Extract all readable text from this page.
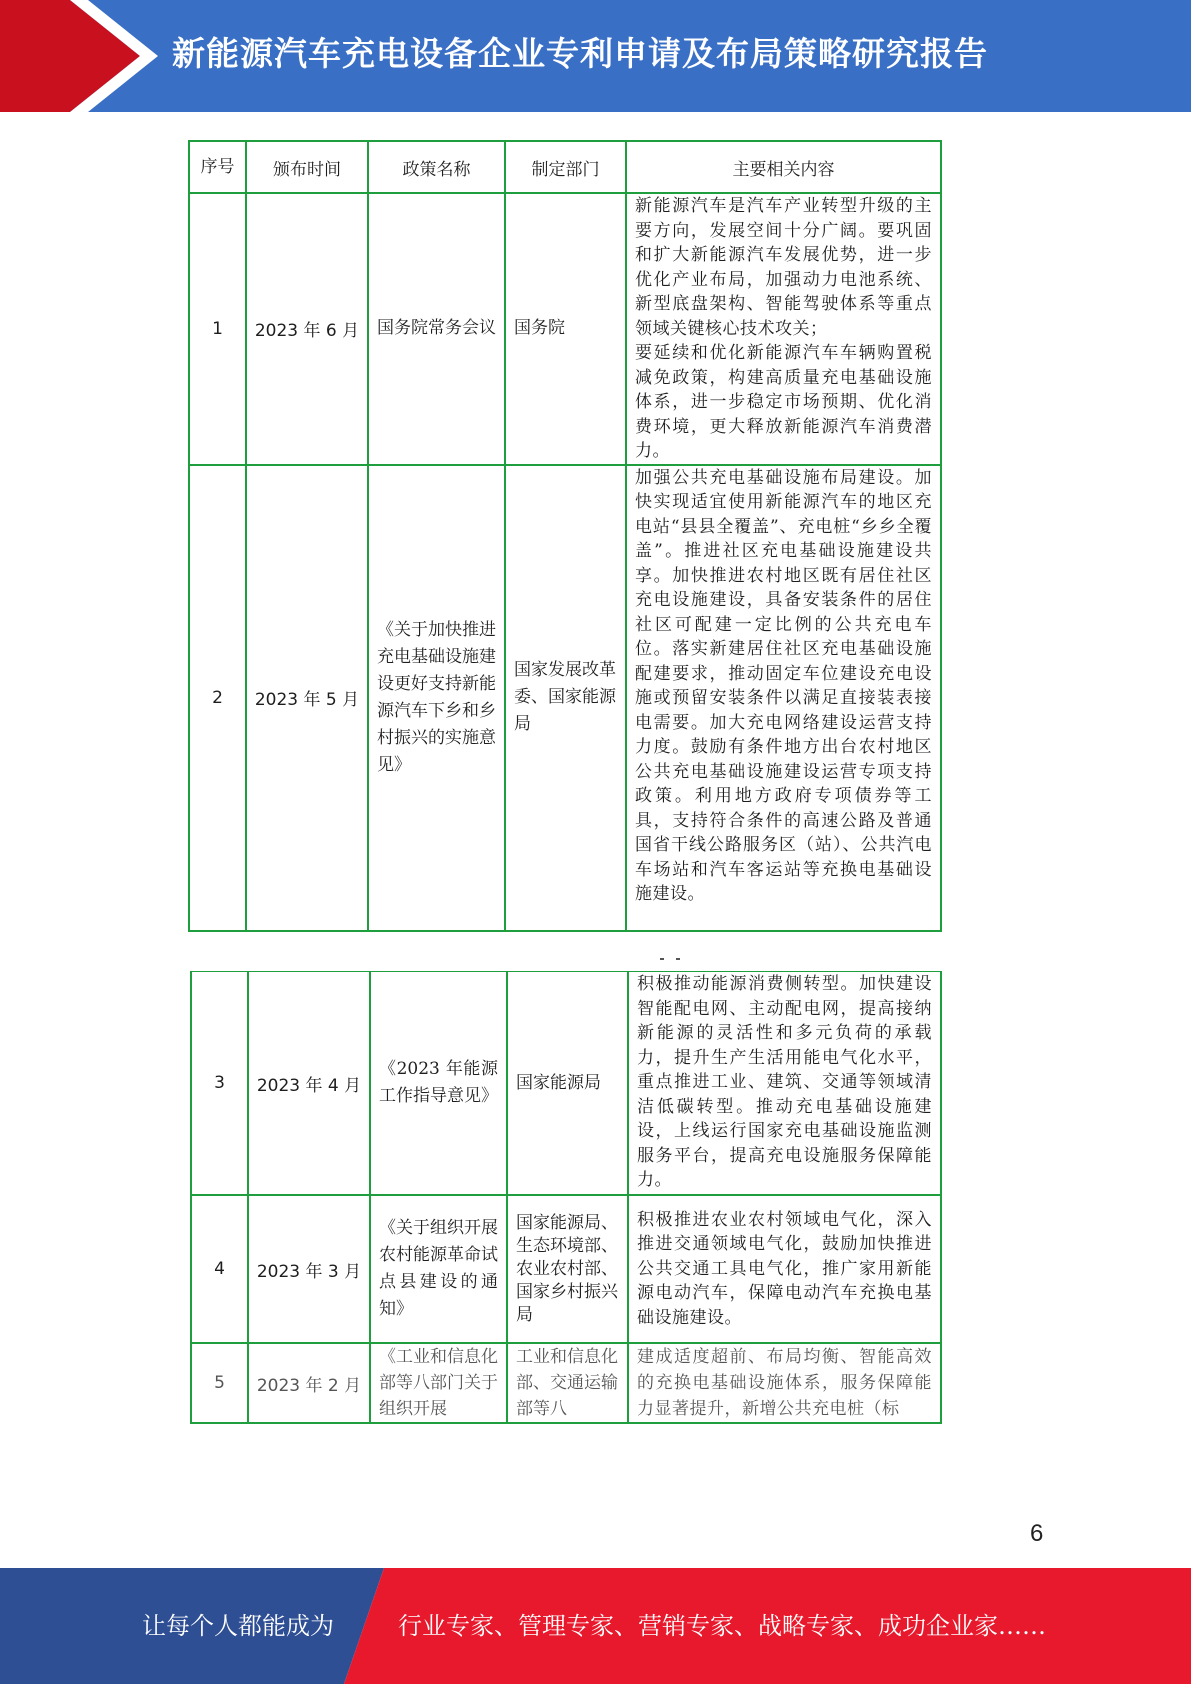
新能源汽车充电设备企业专利申请及布局策略研究报告
序号	颁布时间	政策名称	制定部门	主要相关内容
1	2023 年 6 月	国务院常务会议	国务院	新能源汽车是汽车产业转型升级的主要方向，发展空间十分广阔。要巩固和扩大新能源汽车发展优势，进一步优化产业布局，加强动力电池系统、新型底盘架构、智能驾驶体系等重点领域关键核心技术攻关；

要延续和优化新能源汽车车辆购置税减免政策，构建高质量充电基础设施体系，进一步稳定市场预期、优化消费环境，更大释放新能源汽车消费潜力。

2	2023 年 5 月	《关于加快推进充电基础设施建设更好支持新能源汽车下乡和乡村振兴的实施意见》	国家发展改革委、国家能源局	加强公共充电基础设施布局建设。加快实现适宜使用新能源汽车的地区充电站“县县全覆盖”、充电桩“乡乡全覆盖”。推进社区充电基础设施建设共享。加快推进农村地区既有居住社区充电设施建设，具备安装条件的居住社区可配建一定比例的公共充电车位。落实新建居住社区充电基础设施配建要求，推动固定车位建设充电设施或预留安装条件以满足直接装表接电需要。加大充电网络建设运营支持力度。鼓励有条件地方出台农村地区公共充电基础设施建设运营专项支持政策。利用地方政府专项债券等工具，支持符合条件的高速公路及普通国省干线公路服务区（站）、公共汽电车场站和汽车客运站等充换电基础设施建设。

3	2023 年 4 月	《2023 年能源工作指导意见》	国家能源局	积极推动能源消费侧转型。加快建设智能配电网、主动配电网，提高接纳新能源的灵活性和多元负荷的承载力，提升生产生活用能电气化水平，重点推进工业、建筑、交通等领域清洁低碳转型。推动充电基础设施建设，上线运行国家充电基础设施监测服务平台，提高充电设施服务保障能力。

4	2023 年 3 月	《关于组织开展农村能源革命试点县建设的通知》	国家能源局、生态环境部、农业农村部、国家乡村振兴局	积极推进农业农村领域电气化，深入推进交通领域电气化，鼓励加快推进公共交通工具电气化，推广家用新能源电动汽车，保障电动汽车充换电基础设施建设。

5	2023 年 2 月	《工业和信息化部等八部门关于组织开展	工业和信息化部、交通运输部等八	建成适度超前、布局均衡、智能高效的充换电基础设施体系，服务保障能力显著提升，新增公共充电桩（标

6
让每个人都能成为	行业专家、管理专家、营销专家、战略专家、成功企业家……
